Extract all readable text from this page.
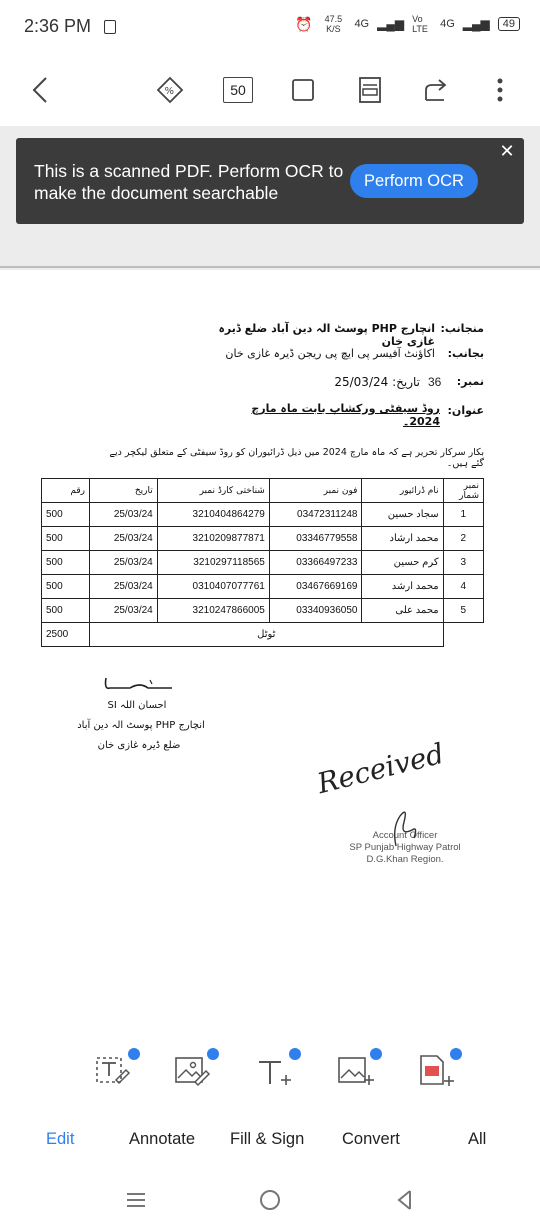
2:36 PM	⏰	47.5 K/S	4G ▂▄▆ Vo LTE	4G ▂▄▆	49
%	50
This is a scanned PDF. Perform OCR to make the document searchable
Perform OCR
✕
منجانب:
انچارج PHP پوسٹ الہ دین آباد ضلع ڈیرہ غازی خان
بجانب:
اکاؤنٹ آفیسر پی ایچ پی ریجن ڈیرہ غازی خان
نمبر:
36
تاریخ: 25/03/24
عنوان:
روڈ سیفٹی ورکشاپ بابت ماہ مارچ 2024۔
بکار سرکار تحریر ہے کہ ماہ مارچ 2024 میں ذیل ڈرائیوران کو روڈ سیفٹی کے متعلق لیکچر دیے گئے ہیں۔
رقم	تاریخ	شناختی کارڈ نمبر	فون نمبر	نام ڈرائیور	نمبر شمار
500	25/03/24	3210404864279	03472311248	سجاد حسین	1
500	25/03/24	3210209877871	03346779558	محمد ارشاد	2
500	25/03/24	3210297118565	03366497233	کرم حسین	3
500	25/03/24	0310407077761	03467669169	محمد ارشد	4
500	25/03/24	3210247866005	03340936050	محمد علی	5
2500	ٹوٹل				
احسان اللہ SI
انچارج PHP پوسٹ الہ دین آباد
ضلع ڈیرہ غازی خان	Received
Account Officer
SP Punjab Highway Patrol
D.G.Khan Region.
Edit	Annotate Fill & Sign Convert	All
